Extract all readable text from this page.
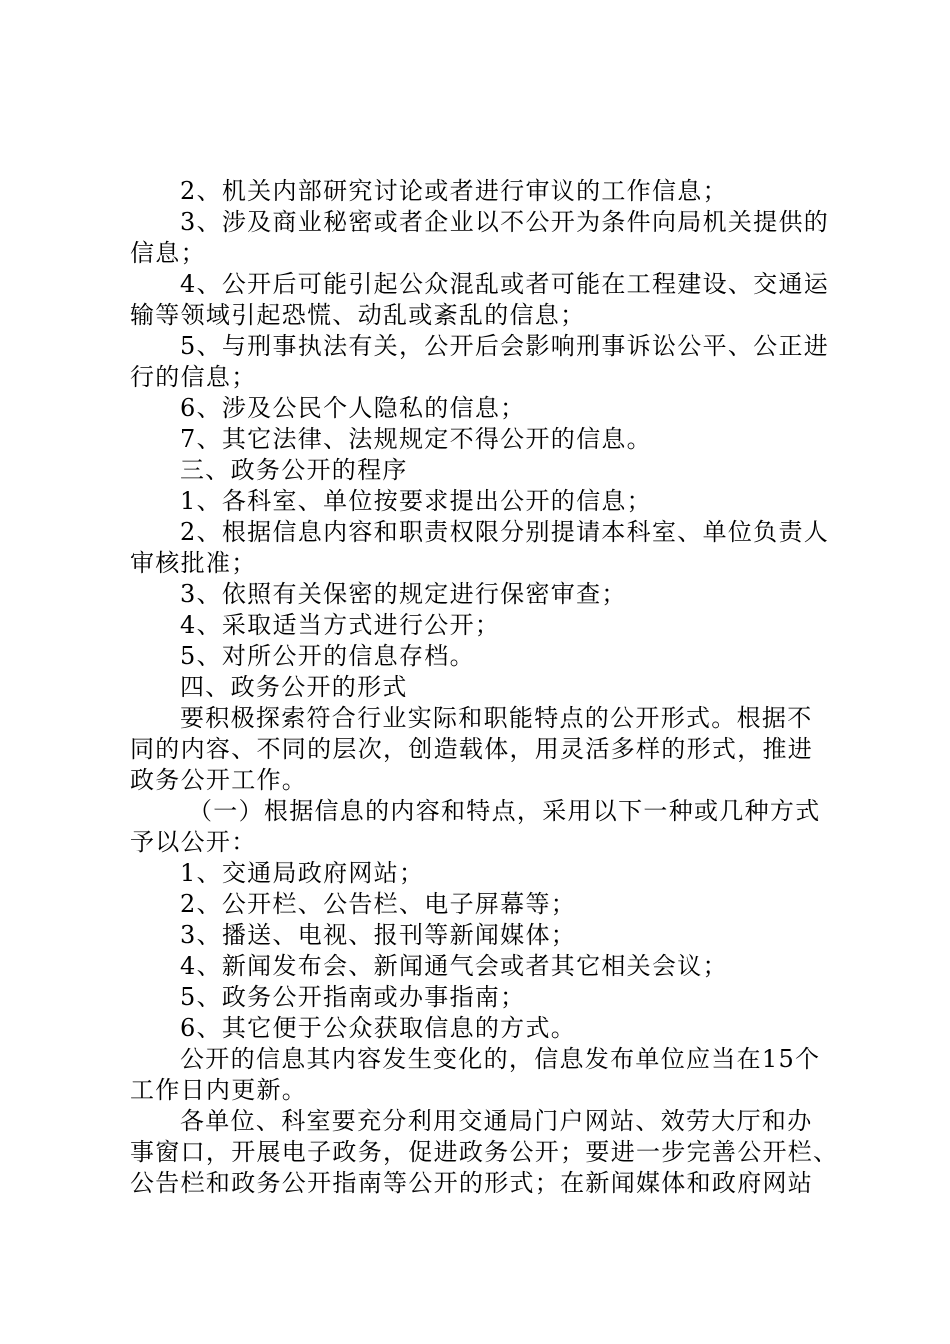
2、机关内部研究讨论或者进行审议的工作信息；
3、涉及商业秘密或者企业以不公开为条件向局机关提供的
信息；
4、公开后可能引起公众混乱或者可能在工程建设、交通运
输等领域引起恐慌、动乱或紊乱的信息；
5、与刑事执法有关，公开后会影响刑事诉讼公平、公正进
行的信息；
6、涉及公民个人隐私的信息；
7、其它法律、法规规定不得公开的信息。
三、政务公开的程序
1、各科室、单位按要求提出公开的信息；
2、根据信息内容和职责权限分别提请本科室、单位负责人
审核批准；
3、依照有关保密的规定进行保密审查；
4、采取适当方式进行公开；
5、对所公开的信息存档。
四、政务公开的形式
要积极探索符合行业实际和职能特点的公开形式。根据不
同的内容、不同的层次，创造载体，用灵活多样的形式，推进
政务公开工作。
（一）根据信息的内容和特点，采用以下一种或几种方式
予以公开：
1、交通局政府网站；
2、公开栏、公告栏、电子屏幕等；
3、播送、电视、报刊等新闻媒体；
4、新闻发布会、新闻通气会或者其它相关会议；
5、政务公开指南或办事指南；
6、其它便于公众获取信息的方式。
公开的信息其内容发生变化的，信息发布单位应当在15个
工作日内更新。
各单位、科室要充分利用交通局门户网站、效劳大厅和办
事窗口，开展电子政务，促进政务公开；要进一步完善公开栏、
公告栏和政务公开指南等公开的形式；在新闻媒体和政府网站
